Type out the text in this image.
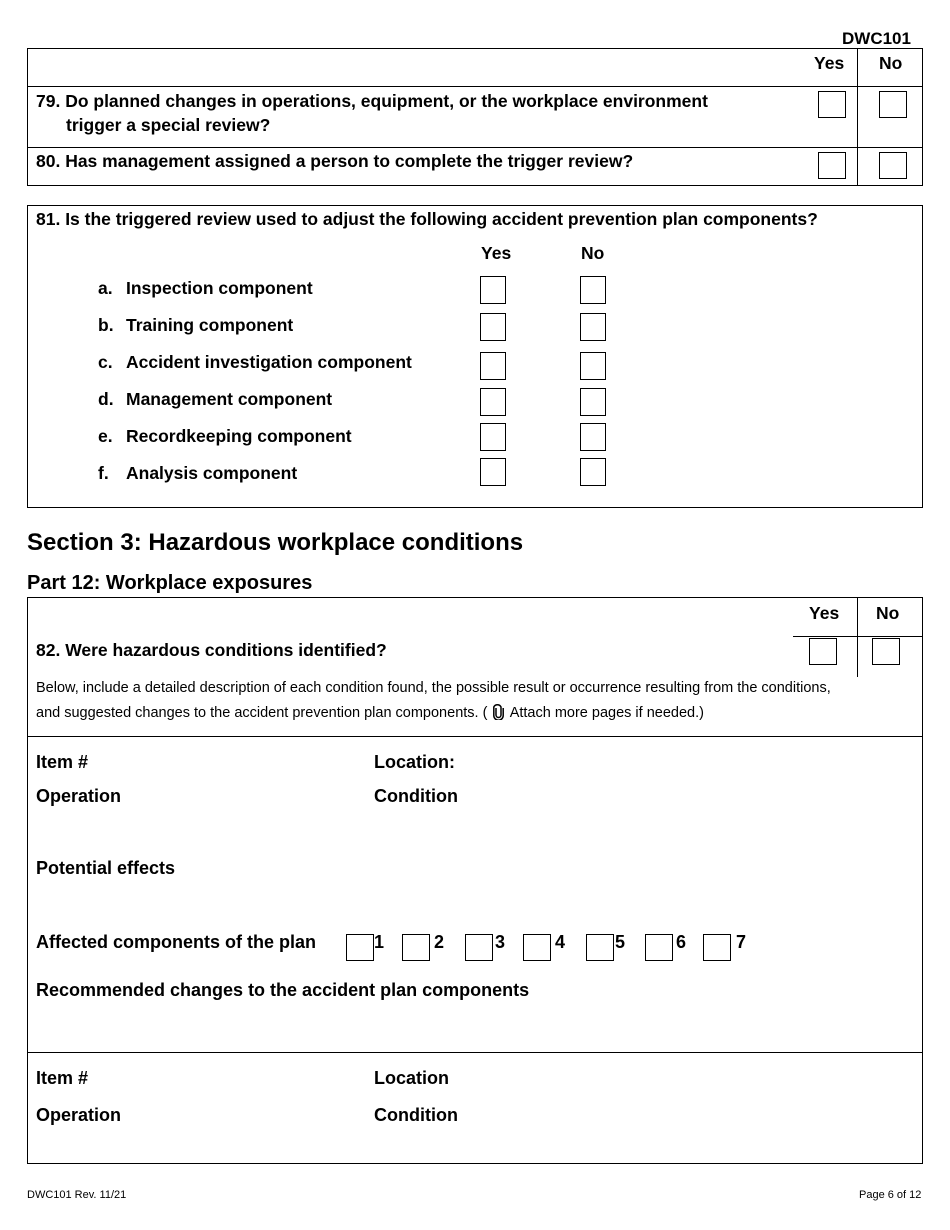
DWC101
Yes No
79. Do planned changes in operations, equipment, or the workplace environment
trigger a special review?
80. Has management assigned a person to complete the trigger review?
81. Is the triggered review used to adjust the following accident prevention plan components?
Yes	No
a. Inspection component
b. Training component
c. Accident investigation component
d. Management component
e. Recordkeeping component
f. Analysis component
Section 3: Hazardous workplace conditions
Part 12: Workplace exposures
Yes No
82. Were hazardous conditions identified?
Below, include a detailed description of each condition found, the possible result or occurrence resulting from the conditions,
and suggested changes to the accident prevention plan components. ( Attach more pages if needed.)
Item #	Location:
Operation	Condition
Potential effects
Affected components of the plan	1	2	3	4	5	6	7
Recommended changes to the accident plan components
Item #	Location
Operation	Condition
DWC101 Rev. 11/21	Page 6 of 12
